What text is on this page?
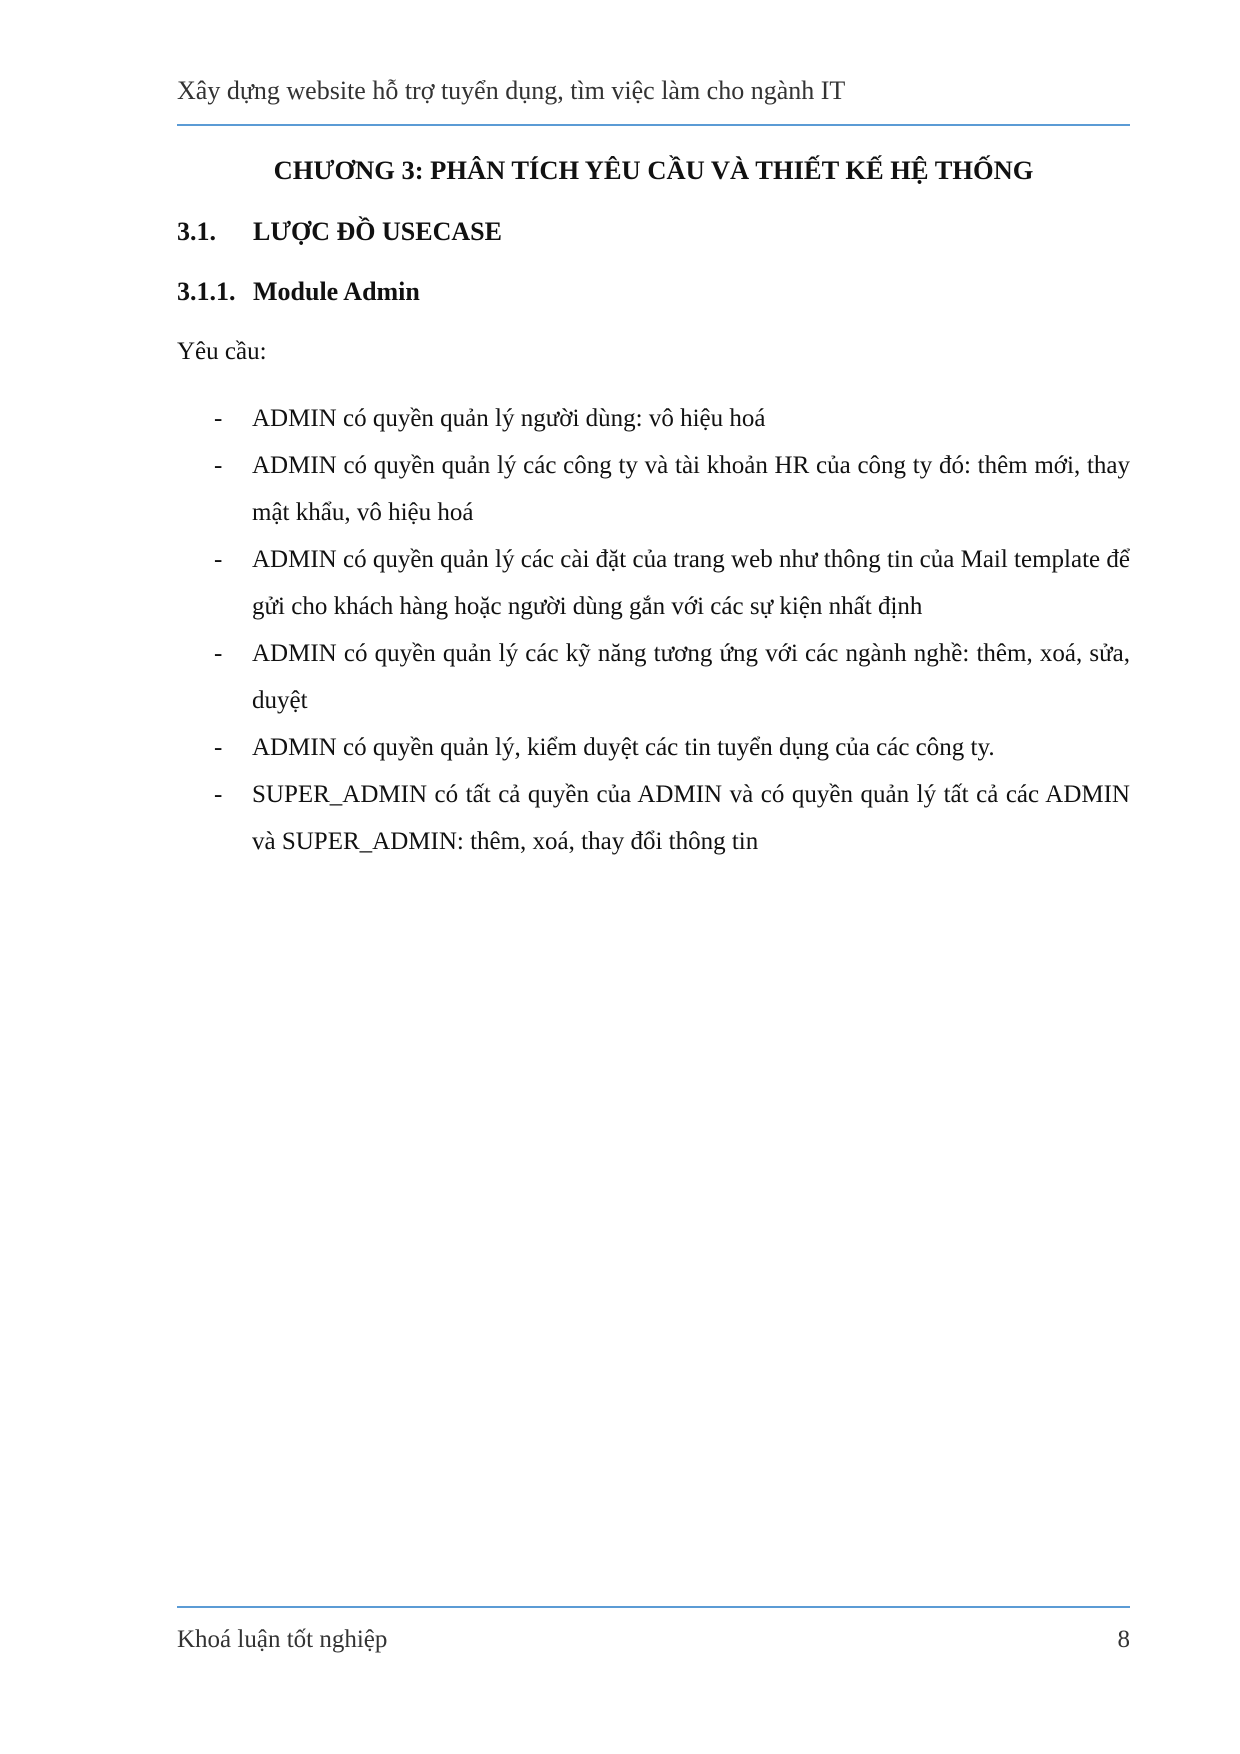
Xây dựng website hỗ trợ tuyển dụng, tìm việc làm cho ngành IT
CHƯƠNG 3: PHÂN TÍCH YÊU CẦU VÀ THIẾT KẾ HỆ THỐNG
3.1. LƯỢC ĐỒ USECASE
3.1.1. Module Admin
Yêu cầu:
- ADMIN có quyền quản lý người dùng: vô hiệu hoá
- ADMIN có quyền quản lý các công ty và tài khoản HR của công ty đó: thêm mới, thay mật khẩu, vô hiệu hoá
- ADMIN có quyền quản lý các cài đặt của trang web như thông tin của Mail template để gửi cho khách hàng hoặc người dùng gắn với các sự kiện nhất định
- ADMIN có quyền quản lý các kỹ năng tương ứng với các ngành nghề: thêm, xoá, sửa, duyệt
- ADMIN có quyền quản lý, kiểm duyệt các tin tuyển dụng của các công ty.
- SUPER_ADMIN có tất cả quyền của ADMIN và có quyền quản lý tất cả các ADMIN và SUPER_ADMIN: thêm, xoá, thay đổi thông tin
Khoá luận tốt nghiệp	8
